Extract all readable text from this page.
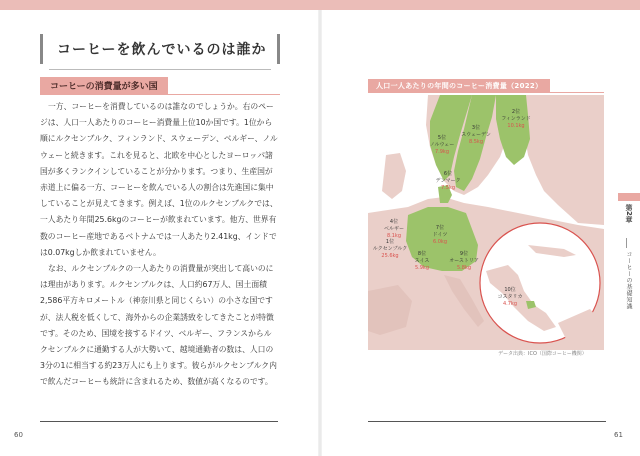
コーヒーを飲んでいるのは誰か
コーヒーの消費量が多い国

一方、コーヒーを消費しているのは誰なのでしょうか。右のページは、人口一人あたりのコーヒー消費量上位10か国です。1位から順にルクセンブルク、フィンランド、スウェーデン、ベルギー、ノルウェーと続きます。これを見ると、北欧を中心としたヨーロッパ諸国が多くランクインしていることが分かります。つまり、生産国が赤道上に偏る一方、コーヒーを飲んでいる人の割合は先進国に集中していることが見えてきます。例えば、1位のルクセンブルクでは、一人あたり年間25.6kgのコーヒーが飲まれています。他方、世界有数のコーヒー産地であるベトナムでは一人あたり2.41kg、インドでは0.07kgしか飲まれていません。

なお、ルクセンブルクの一人あたりの消費量が突出して高いのには理由があります。ルクセンブルクは、人口約67万人、国土面積2,586平方キロメートル（神奈川県と同じくらい）の小さな国ですが、法人税を低くして、海外からの企業誘致をしてきたことが特徴です。そのため、国境を接するドイツ、ベルギー、フランスからルクセンブルクに通勤する人が大勢いて、越境通勤者の数は、人口の3分の1に相当する約23万人にも上ります。彼らがルクセンブルク内で飲んだコーヒーも統計に含まれるため、数値が高くなるのです。

60
人口一人あたりの年間のコーヒー消費量（2022）
1位
ルクセンブルク
25.6kg
2位
フィンランド
10.1kg
3位
スウェーデン
8.5kg
4位
ベルギー
8.1kg
5位
ノルウェー
7.9kg
6位
デンマーク
7.5kg
7位
ドイツ
6.0kg
8位
スイス
5.9kg
9位
オーストリア
5.8kg
10位
コスタリカ
4.7kg
データ出典：ICO（国際コーヒー機関）
第2章
コーヒーの基礎知識
61
